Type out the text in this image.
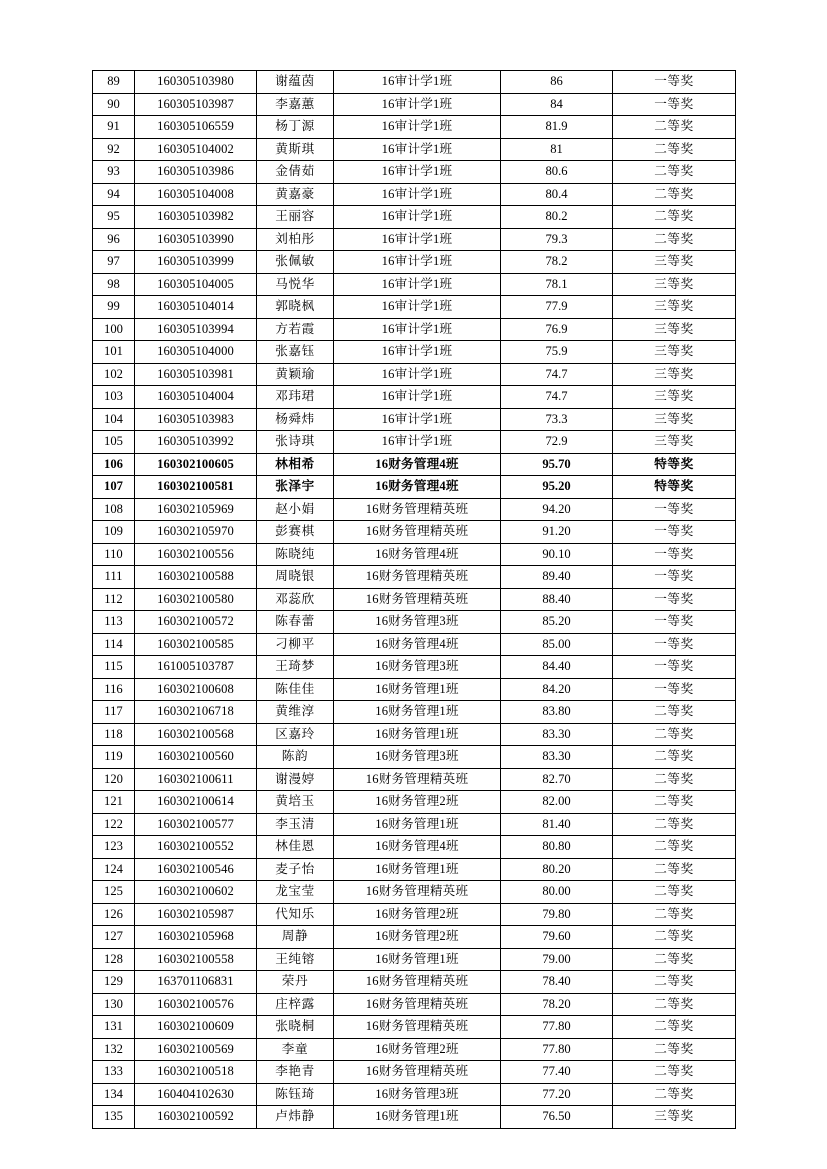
89	160305103980	谢蕴茵	16审计学1班	86	一等奖
90	160305103987	李嘉蕙	16审计学1班	84	一等奖
91	160305106559	杨丁源	16审计学1班	81.9	二等奖
92	160305104002	黄斯琪	16审计学1班	81	二等奖
93	160305103986	金倩茹	16审计学1班	80.6	二等奖
94	160305104008	黄嘉豪	16审计学1班	80.4	二等奖
95	160305103982	王丽容	16审计学1班	80.2	二等奖
96	160305103990	刘柏彤	16审计学1班	79.3	二等奖
97	160305103999	张佩敏	16审计学1班	78.2	三等奖
98	160305104005	马悦华	16审计学1班	78.1	三等奖
99	160305104014	郭晓枫	16审计学1班	77.9	三等奖
100	160305103994	方若霞	16审计学1班	76.9	三等奖
101	160305104000	张嘉钰	16审计学1班	75.9	三等奖
102	160305103981	黄颖瑜	16审计学1班	74.7	三等奖
103	160305104004	邓玮珺	16审计学1班	74.7	三等奖
104	160305103983	杨舜炜	16审计学1班	73.3	三等奖
105	160305103992	张诗琪	16审计学1班	72.9	三等奖
106	160302100605	林相希	16财务管理4班	95.70	特等奖
107	160302100581	张泽宇	16财务管理4班	95.20	特等奖
108	160302105969	赵小娟	16财务管理精英班	94.20	一等奖
109	160302105970	彭赛棋	16财务管理精英班	91.20	一等奖
110	160302100556	陈晓纯	16财务管理4班	90.10	一等奖
111	160302100588	周晓银	16财务管理精英班	89.40	一等奖
112	160302100580	邓蕊欣	16财务管理精英班	88.40	一等奖
113	160302100572	陈春蕾	16财务管理3班	85.20	一等奖
114	160302100585	刁柳平	16财务管理4班	85.00	一等奖
115	161005103787	王琦梦	16财务管理3班	84.40	一等奖
116	160302100608	陈佳佳	16财务管理1班	84.20	一等奖
117	160302106718	黄维淳	16财务管理1班	83.80	二等奖
118	160302100568	区嘉玲	16财务管理1班	83.30	二等奖
119	160302100560	陈韵	16财务管理3班	83.30	二等奖
120	160302100611	谢漫婷	16财务管理精英班	82.70	二等奖
121	160302100614	黄培玉	16财务管理2班	82.00	二等奖
122	160302100577	李玉清	16财务管理1班	81.40	二等奖
123	160302100552	林佳恩	16财务管理4班	80.80	二等奖
124	160302100546	麦子怡	16财务管理1班	80.20	二等奖
125	160302100602	龙宝莹	16财务管理精英班	80.00	二等奖
126	160302105987	代知乐	16财务管理2班	79.80	二等奖
127	160302105968	周静	16财务管理2班	79.60	二等奖
128	160302100558	王纯镕	16财务管理1班	79.00	二等奖
129	163701106831	荣丹	16财务管理精英班	78.40	二等奖
130	160302100576	庄梓露	16财务管理精英班	78.20	二等奖
131	160302100609	张晓桐	16财务管理精英班	77.80	二等奖
132	160302100569	李童	16财务管理2班	77.80	二等奖
133	160302100518	李艳青	16财务管理精英班	77.40	二等奖
134	160404102630	陈钰琦	16财务管理3班	77.20	二等奖
135	160302100592	卢炜静	16财务管理1班	76.50	三等奖
